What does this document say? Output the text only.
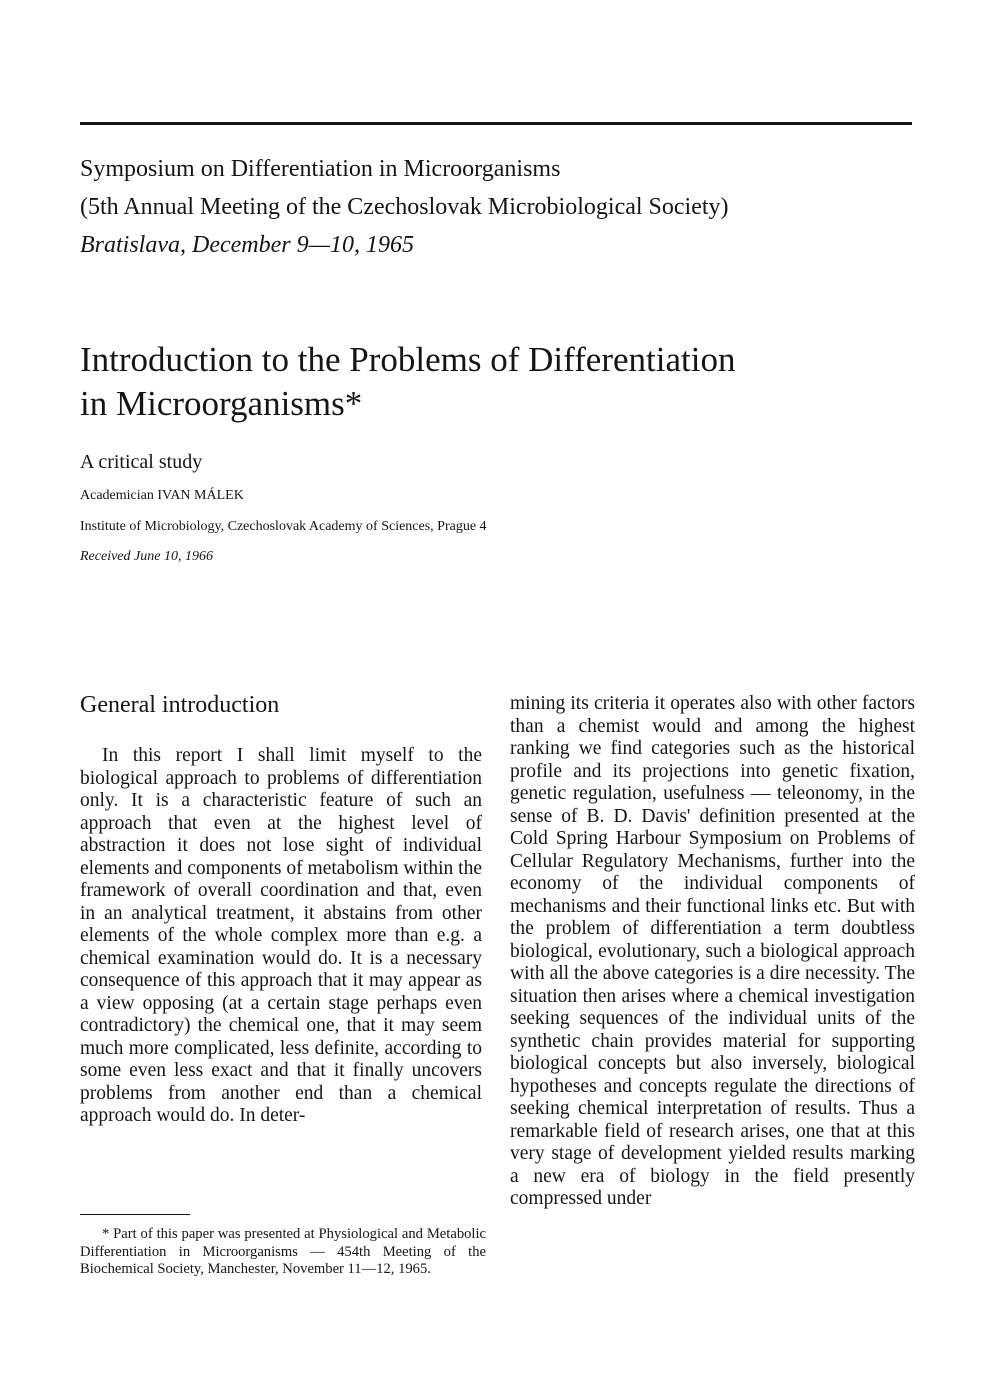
Symposium on Differentiation in Microorganisms
(5th Annual Meeting of the Czechoslovak Microbiological Society)
Bratislava, December 9—10, 1965
Introduction to the Problems of Differentiation
in Microorganisms*
A critical study
Academician IVAN MÁLEK
Institute of Microbiology, Czechoslovak Academy of Sciences, Prague 4
Received June 10, 1966
General introduction

In this report I shall limit myself to the biological approach to problems of differentiation only. It is a characteristic feature of such an approach that even at the highest level of abstraction it does not lose sight of individual elements and components of metabolism within the framework of overall coordination and that, even in an analytical treatment, it abstains from other elements of the whole complex more than e.g. a chemical examination would do. It is a necessary consequence of this approach that it may appear as a view opposing (at a certain stage perhaps even contradictory) the chemical one, that it may seem much more complicated, less definite, according to some even less exact and that it finally uncovers problems from another end than a chemical approach would do. In deter-

mining its criteria it operates also with other factors than a chemist would and among the highest ranking we find categories such as the historical profile and its projections into genetic fixation, genetic regulation, usefulness — teleonomy, in the sense of B. D. Davis' definition presented at the Cold Spring Harbour Symposium on Problems of Cellular Regulatory Mechanisms, further into the economy of the individual components of mechanisms and their functional links etc. But with the problem of differentiation a term doubtless biological, evolutionary, such a biological approach with all the above categories is a dire necessity. The situation then arises where a chemical investigation seeking sequences of the individual units of the synthetic chain provides material for supporting biological concepts but also inversely, biological hypotheses and concepts regulate the directions of seeking chemical interpretation of results. Thus a remarkable field of research arises, one that at this very stage of development yielded results marking a new era of biology in the field presently compressed under

* Part of this paper was presented at Physiological and Metabolic Differentiation in Microorganisms — 454th Meeting of the Biochemical Society, Manchester, November 11—12, 1965.
